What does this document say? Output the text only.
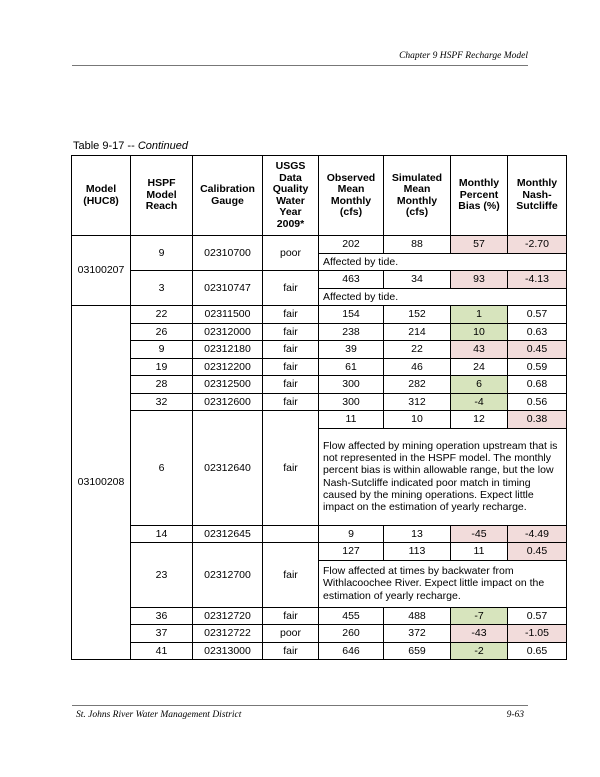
Chapter 9 HSPF Recharge Model
Table 9-17 -- Continued
Model (HUC8)	HSPF Model Reach	Calibration Gauge	USGS Data Quality Water Year 2009*	Observed Mean Monthly (cfs)	Simulated Mean Monthly (cfs)	Monthly Percent Bias (%)	Monthly Nash-Sutcliffe
03100207	9	02310700	poor	202	88	57	-2.70
				Affected by tide.			
	3	02310747	fair	463	34	93	-4.13
				Affected by tide.			
03100208	22	02311500	fair	154	152	1	0.57
	26	02312000	fair	238	214	10	0.63
	9	02312180	fair	39	22	43	0.45
	19	02312200	fair	61	46	24	0.59
	28	02312500	fair	300	282	6	0.68
	32	02312600	fair	300	312	-4	0.56
	6	02312640	fair	11	10	12	0.38
				Flow affected by mining operation upstream that is not represented in the HSPF model. The monthly percent bias is within allowable range, but the low Nash-Sutcliffe indicated poor match in timing caused by the mining operations. Expect little impact on the estimation of yearly recharge.			
	14	02312645		9	13	-45	-4.49
	23	02312700	fair	127	113	11	0.45
				Flow affected at times by backwater from Withlacoochee River. Expect little impact on the estimation of yearly recharge.			
	36	02312720	fair	455	488	-7	0.57
	37	02312722	poor	260	372	-43	-1.05
	41	02313000	fair	646	659	-2	0.65
St. Johns River Water Management District	9-63
